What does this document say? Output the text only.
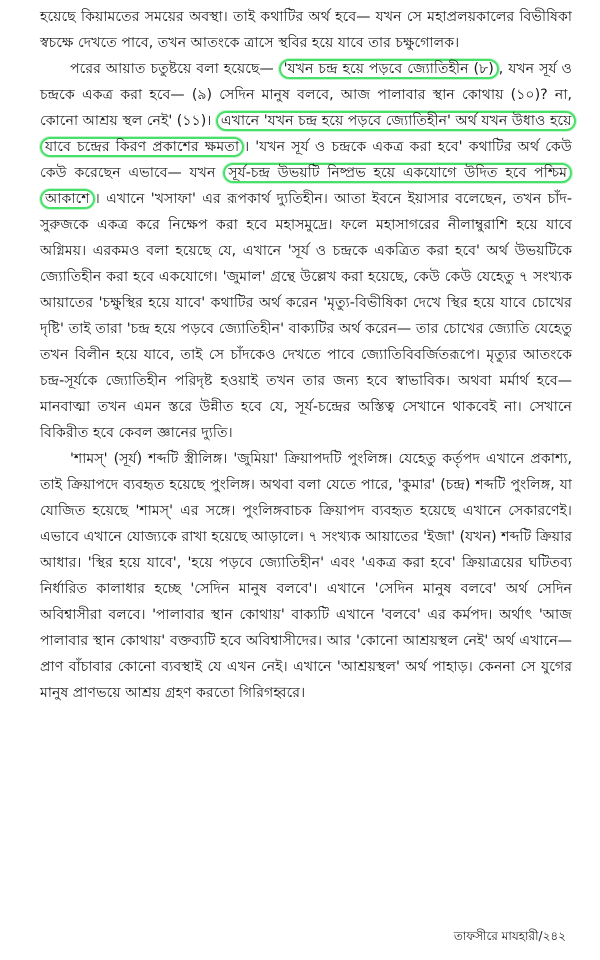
হয়েছে কিয়ামতের সময়ের অবস্থা। তাই কথাটির অর্থ হবে— যখন সে মহাপ্রলয়কালের বিভীষিকা স্বচক্ষে দেখতে পাবে, তখন আতংকে ত্রাসে স্থবির হয়ে যাবে তার চক্ষুগোলক।

পরের আয়াত চতুষ্টয়ে বলা হয়েছে— 'যখন চন্দ্র হয়ে পড়বে জ্যোতিহীন (৮) , যখন সূর্য ও চন্দ্রকে একত্র করা হবে— (৯) সেদিন মানুষ বলবে, আজ পালাবার স্থান কোথায় (১০)? না, কোনো আশ্রয় স্থল নেই' (১১)। এখানে 'যখন চন্দ্র হয়ে পড়বে জ্যোতিহীন' অর্থ যখন উধাও হয়ে যাবে চন্দ্রের কিরণ প্রকাশের ক্ষমতা । 'যখন সূর্য ও চন্দ্রকে একত্র করা হবে' কথাটির অর্থ কেউ কেউ করেছেন এভাবে— যখন সূর্য-চন্দ্র উভয়টি নিষ্প্রভ হয়ে একযোগে উদিত হবে পশ্চিম আকাশে । এখানে 'খসাফা' এর রূপকার্থ দ্যুতিহীন। আতা ইবনে ইয়াসার বলেছেন, তখন চাঁদ-সুরুজকে একত্র করে নিক্ষেপ করা হবে মহাসমুদ্রে। ফলে মহাসাগরের নীলাম্বুরাশি হয়ে যাবে অগ্নিময়। এরকমও বলা হয়েছে যে, এখানে 'সূর্য ও চন্দ্রকে একত্রিত করা হবে' অর্থ উভয়টিকে জ্যোতিহীন করা হবে একযোগে। 'জুমাল' গ্রন্থে উল্লেখ করা হয়েছে, কেউ কেউ যেহেতু ৭ সংখ্যক আয়াতের 'চক্ষুস্থির হয়ে যাবে' কথাটির অর্থ করেন 'মৃত্যু-বিভীষিকা দেখে স্থির হয়ে যাবে চোখের দৃষ্টি' তাই তারা 'চন্দ্র হয়ে পড়বে জ্যোতিহীন' বাক্যটির অর্থ করেন— তার চোখের জ্যোতি যেহেতু তখন বিলীন হয়ে যাবে, তাই সে চাঁদকেও দেখতে পাবে জ্যোতিবিবর্জিতরূপে। মৃত্যুর আতংকে চন্দ্র-সূর্যকে জ্যোতিহীন পরিদৃষ্ট হওয়াই তখন তার জন্য হবে স্বাভাবিক। অথবা মর্মার্থ হবে— মানবাত্মা তখন এমন স্তরে উন্নীত হবে যে, সূর্য-চন্দ্রের অস্তিত্ব সেখানে থাকবেই না। সেখানে বিকিরীত হবে কেবল জ্ঞানের দ্যুতি।

'শামস্' (সূর্য) শব্দটি স্ত্রীলিঙ্গ। 'জুমিয়া' ক্রিয়াপদটি পুংলিঙ্গ। যেহেতু কর্তৃপদ এখানে প্রকাশ্য, তাই ক্রিয়াপদে ব্যবহৃত হয়েছে পুংলিঙ্গ। অথবা বলা যেতে পারে, 'কুমার' (চন্দ্র) শব্দটি পুংলিঙ্গ, যা যোজিত হয়েছে 'শামস্' এর সঙ্গে। পুংলিঙ্গবাচক ক্রিয়াপদ ব্যবহৃত হয়েছে এখানে সেকারণেই। এভাবে এখানে যোজ্যকে রাখা হয়েছে আড়ালে। ৭ সংখ্যক আয়াতের 'ইজা' (যখন) শব্দটি ক্রিয়ার আধার। 'স্থির হয়ে যাবে', 'হয়ে পড়বে জ্যোতিহীন' এবং 'একত্র করা হবে' ক্রিয়াত্রয়ের ঘটিতব্য নির্ধারিত কালাধার হচ্ছে 'সেদিন মানুষ বলবে'। এখানে 'সেদিন মানুষ বলবে' অর্থ সেদিন অবিশ্বাসীরা বলবে। 'পালাবার স্থান কোথায়' বাক্যটি এখানে 'বলবে' এর কর্মপদ। অর্থাৎ 'আজ পালাবার স্থান কোথায়' বক্তব্যটি হবে অবিশ্বাসীদের। আর 'কোনো আশ্রয়স্থল নেই' অর্থ এখানে— প্রাণ বাঁচাবার কোনো ব্যবস্থাই যে এখন নেই। এখানে 'আশ্রয়স্থল' অর্থ পাহাড়। কেননা সে যুগের মানুষ প্রাণভয়ে আশ্রয় গ্রহণ করতো গিরিগহ্বরে।

তাফসীরে মাযহারী/২৪২
